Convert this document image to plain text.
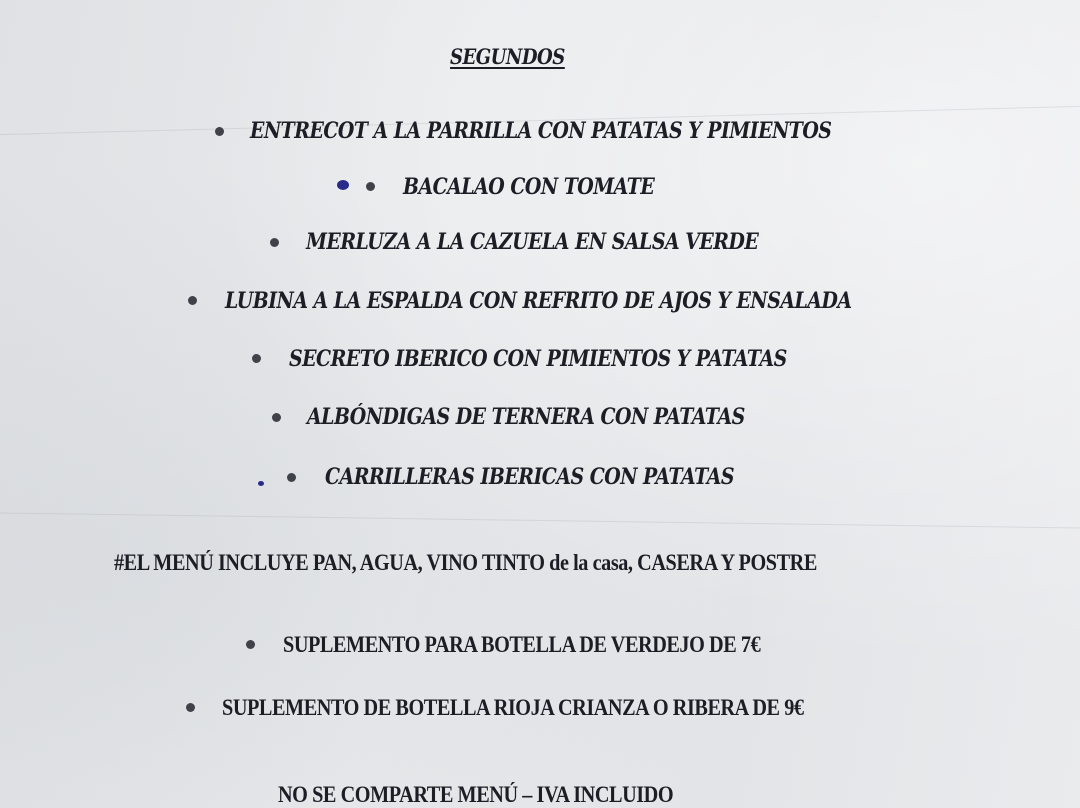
SEGUNDOS
ENTRECOT A LA PARRILLA CON PATATAS Y PIMIENTOS
BACALAO CON TOMATE
MERLUZA A LA CAZUELA EN SALSA VERDE
LUBINA A LA ESPALDA CON REFRITO DE AJOS Y ENSALADA
SECRETO IBERICO CON PIMIENTOS Y PATATAS
ALBÓNDIGAS DE TERNERA CON PATATAS
CARRILLERAS IBERICAS CON PATATAS
#EL MENÚ INCLUYE PAN, AGUA, VINO TINTO de la casa, CASERA Y POSTRE
SUPLEMENTO PARA BOTELLA DE VERDEJO DE 7€
SUPLEMENTO DE BOTELLA RIOJA CRIANZA O RIBERA DE 9€
NO SE COMPARTE MENÚ – IVA INCLUIDO
